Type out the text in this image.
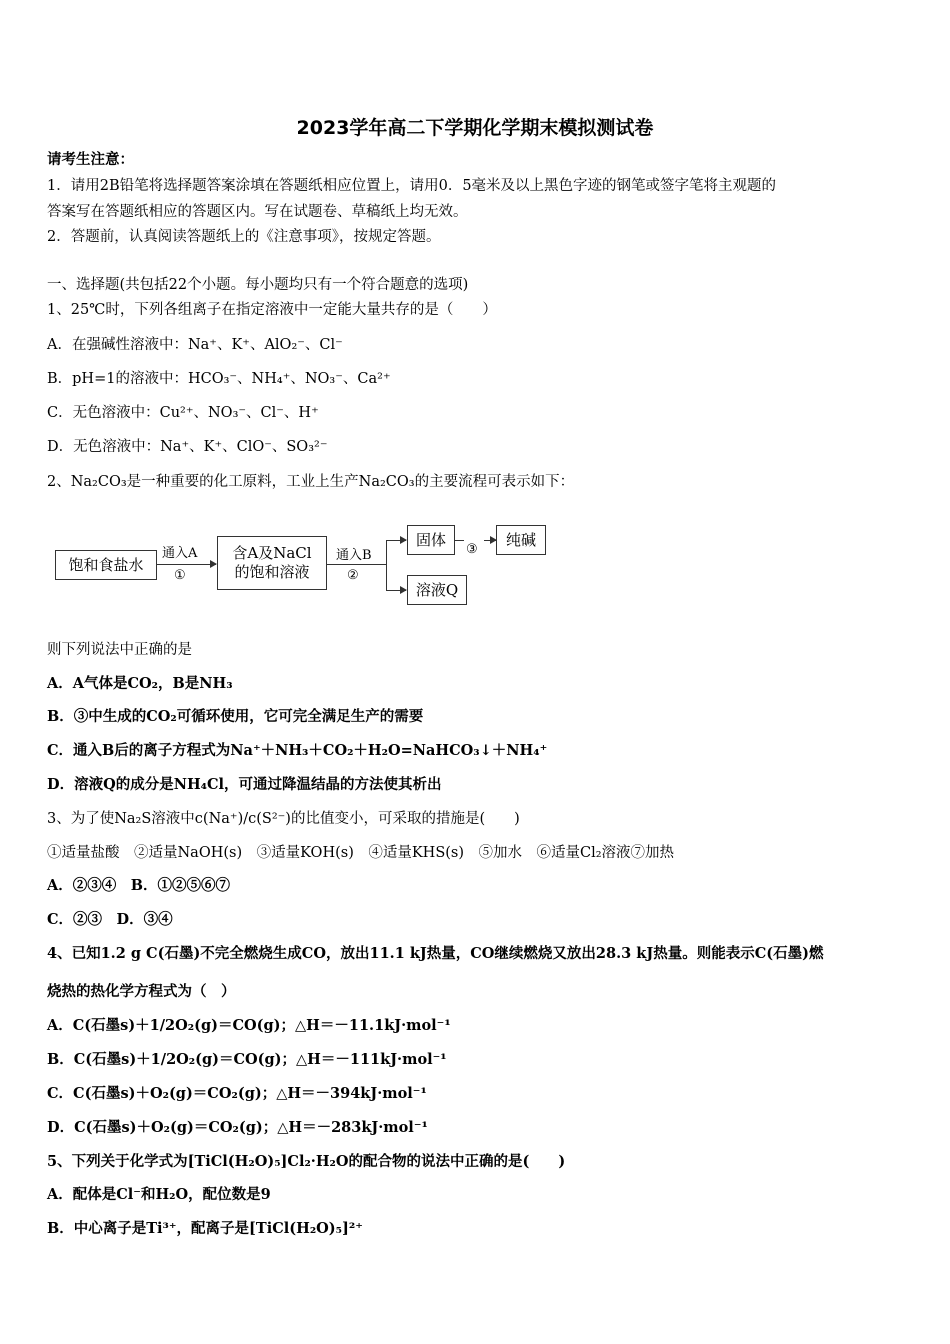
2023学年高二下学期化学期末模拟测试卷
请考生注意：
1．请用2B铅笔将选择题答案涂填在答题纸相应位置上，请用0．5毫米及以上黑色字迹的钢笔或签字笔将主观题的
答案写在答题纸相应的答题区内。写在试题卷、草稿纸上均无效。
2．答题前，认真阅读答题纸上的《注意事项》，按规定答题。
一、选择题(共包括22个小题。每小题均只有一个符合题意的选项)
1、25℃时，下列各组离子在指定溶液中一定能大量共存的是（　　）
A．在强碱性溶液中：Na⁺、K⁺、AlO₂⁻、Cl⁻
B．pH=1的溶液中：HCO₃⁻、NH₄⁺、NO₃⁻、Ca²⁺
C．无色溶液中：Cu²⁺、NO₃⁻、Cl⁻、H⁺
D．无色溶液中：Na⁺、K⁺、ClO⁻、SO₃²⁻
2、Na₂CO₃是一种重要的化工原料，工业上生产Na₂CO₃的主要流程可表示如下：
饱和食盐水
通入A
①
含A及NaCl
的饱和溶液
通入B
②
固体
③
纯碱
溶液Q
则下列说法中正确的是
A．A气体是CO₂，B是NH₃
B．③中生成的CO₂可循环使用，它可完全满足生产的需要
C．通入B后的离子方程式为Na⁺＋NH₃＋CO₂＋H₂O=NaHCO₃↓＋NH₄⁺
D．溶液Q的成分是NH₄Cl，可通过降温结晶的方法使其析出
3、为了使Na₂S溶液中c(Na⁺)/c(S²⁻)的比值变小，可采取的措施是(　　)
①适量盐酸　②适量NaOH(s)　③适量KOH(s)　④适量KHS(s)　⑤加水　⑥适量Cl₂溶液⑦加热
A．②③④　B．①②⑤⑥⑦
C．②③　D．③④
4、已知1.2 g C(石墨)不完全燃烧生成CO，放出11.1 kJ热量，CO继续燃烧又放出28.3 kJ热量。则能表示C(石墨)燃
烧热的热化学方程式为（　）
A．C(石墨s)＋1/2O₂(g)＝CO(g)；△H＝－11.1kJ·mol⁻¹
B．C(石墨s)＋1/2O₂(g)＝CO(g)；△H＝－111kJ·mol⁻¹
C．C(石墨s)＋O₂(g)＝CO₂(g)；△H＝－394kJ·mol⁻¹
D．C(石墨s)＋O₂(g)＝CO₂(g)；△H＝－283kJ·mol⁻¹
5、下列关于化学式为[TiCl(H₂O)₅]Cl₂·H₂O的配合物的说法中正确的是(　　)
A．配体是Cl⁻和H₂O，配位数是9
B．中心离子是Ti³⁺，配离子是[TiCl(H₂O)₅]²⁺
